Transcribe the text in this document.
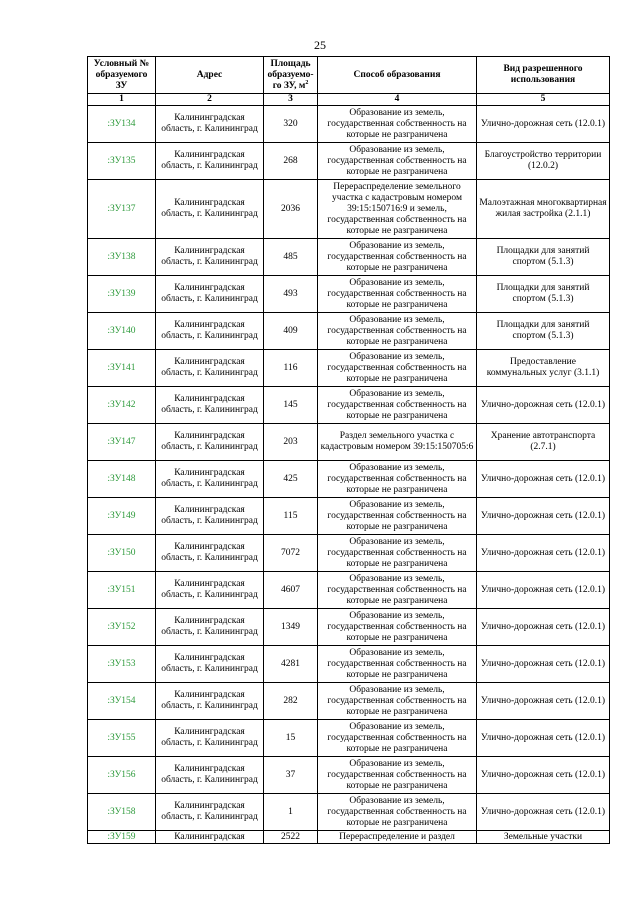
25
Условный № образуемого ЗУ	Адрес	Площадь образуемо-го ЗУ, $м^2$	Способ образования	Вид разрешенного использования
1	2	3	4	5
:ЗУ134	Калининградская область, г. Калининград	320	Образование из земель, государственная собственность на которые не разграничена	Улично-дорожная сеть (12.0.1)
:ЗУ135	Калининградская область, г. Калининград	268	Образование из земель, государственная собственность на которые не разграничена	Благоустройство территории (12.0.2)
:ЗУ137	Калининградская область, г. Калининград	2036	Перераспределение земельного участка с кадастровым номером 39:15:150716:9 и земель, государственная собственность на которые не разграничена	Малоэтажная многоквартирная жилая застройка (2.1.1)
:ЗУ138	Калининградская область, г. Калининград	485	Образование из земель, государственная собственность на которые не разграничена	Площадки для занятий спортом (5.1.3)
:ЗУ139	Калининградская область, г. Калининград	493	Образование из земель, государственная собственность на которые не разграничена	Площадки для занятий спортом (5.1.3)
:ЗУ140	Калининградская область, г. Калининград	409	Образование из земель, государственная собственность на которые не разграничена	Площадки для занятий спортом (5.1.3)
:ЗУ141	Калининградская область, г. Калининград	116	Образование из земель, государственная собственность на которые не разграничена	Предоставление коммунальных услуг (3.1.1)
:ЗУ142	Калининградская область, г. Калининград	145	Образование из земель, государственная собственность на которые не разграничена	Улично-дорожная сеть (12.0.1)
:ЗУ147	Калининградская область, г. Калининград	203	Раздел земельного участка с кадастровым номером 39:15:150705:6	Хранение автотранспорта (2.7.1)
:ЗУ148	Калининградская область, г. Калининград	425	Образование из земель, государственная собственность на которые не разграничена	Улично-дорожная сеть (12.0.1)
:ЗУ149	Калининградская область, г. Калининград	115	Образование из земель, государственная собственность на которые не разграничена	Улично-дорожная сеть (12.0.1)
:ЗУ150	Калининградская область, г. Калининград	7072	Образование из земель, государственная собственность на которые не разграничена	Улично-дорожная сеть (12.0.1)
:ЗУ151	Калининградская область, г. Калининград	4607	Образование из земель, государственная собственность на которые не разграничена	Улично-дорожная сеть (12.0.1)
:ЗУ152	Калининградская область, г. Калининград	1349	Образование из земель, государственная собственность на которые не разграничена	Улично-дорожная сеть (12.0.1)
:ЗУ153	Калининградская область, г. Калининград	4281	Образование из земель, государственная собственность на которые не разграничена	Улично-дорожная сеть (12.0.1)
:ЗУ154	Калининградская область, г. Калининград	282	Образование из земель, государственная собственность на которые не разграничена	Улично-дорожная сеть (12.0.1)
:ЗУ155	Калининградская область, г. Калининград	15	Образование из земель, государственная собственность на которые не разграничена	Улично-дорожная сеть (12.0.1)
:ЗУ156	Калининградская область, г. Калининград	37	Образование из земель, государственная собственность на которые не разграничена	Улично-дорожная сеть (12.0.1)
:ЗУ158	Калининградская область, г. Калининград	1	Образование из земель, государственная собственность на которые не разграничена	Улично-дорожная сеть (12.0.1)
:ЗУ159	Калининградская	2522	Перераспределение и раздел	Земельные участки
